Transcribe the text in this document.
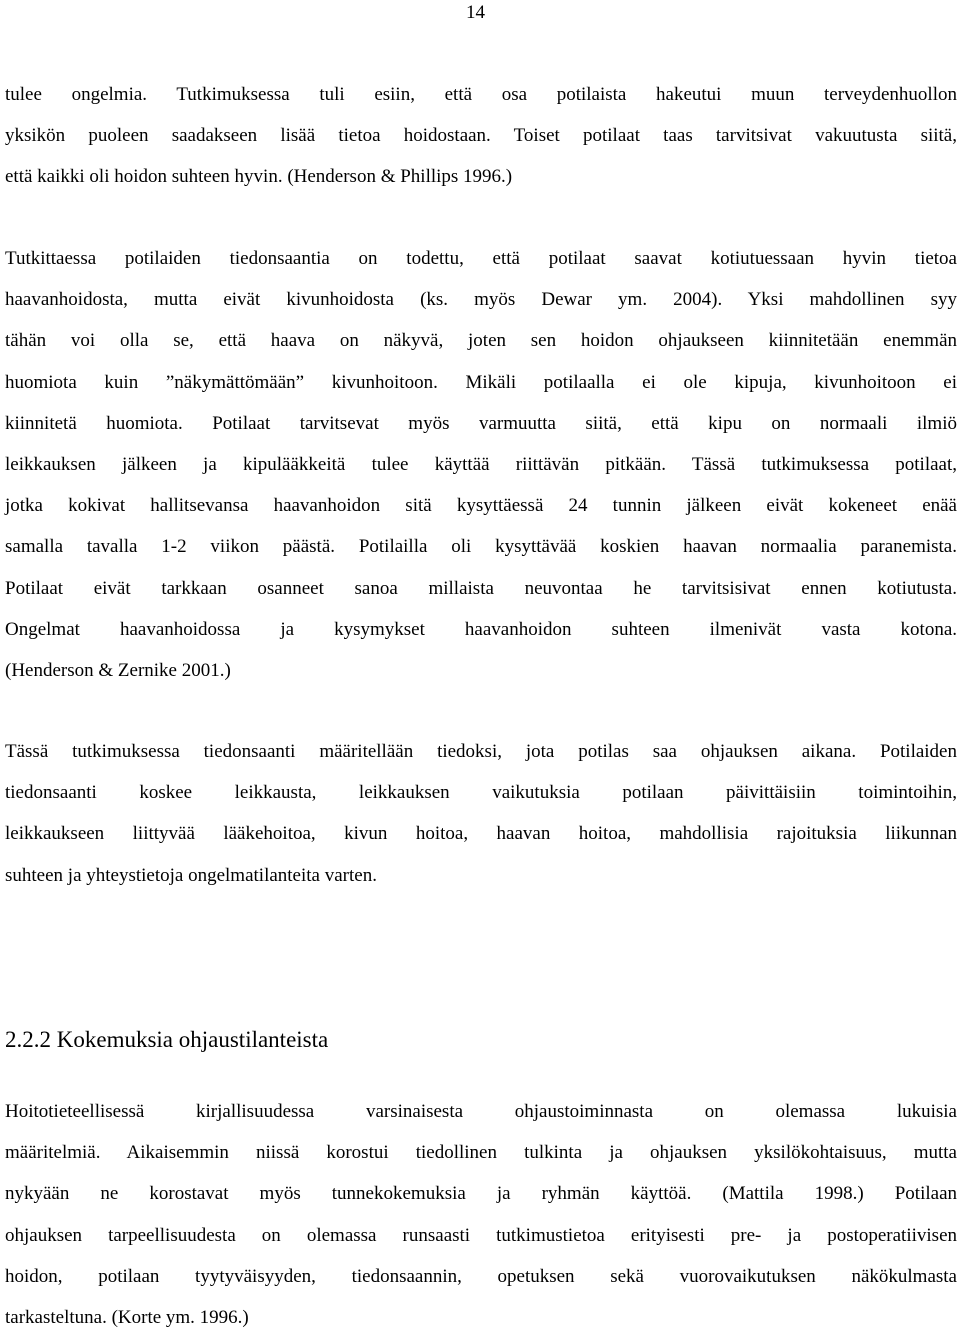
14
tulee ongelmia. Tutkimuksessa tuli esiin, että osa potilaista hakeutui muun terveydenhuollon
yksikön puoleen saadakseen lisää tietoa hoidostaan. Toiset potilaat taas tarvitsivat vakuutusta siitä,
että kaikki oli hoidon suhteen hyvin. (Henderson & Phillips 1996.)
Tutkittaessa potilaiden tiedonsaantia on todettu, että potilaat saavat kotiutuessaan hyvin tietoa
haavanhoidosta, mutta eivät kivunhoidosta (ks. myös Dewar ym. 2004). Yksi mahdollinen syy
tähän voi olla se, että haava on näkyvä, joten sen hoidon ohjaukseen kiinnitetään enemmän
huomiota kuin ”näkymättömään” kivunhoitoon. Mikäli potilaalla ei ole kipuja, kivunhoitoon ei
kiinnitetä huomiota. Potilaat tarvitsevat myös varmuutta siitä, että kipu on normaali ilmiö
leikkauksen jälkeen ja kipulääkkeitä tulee käyttää riittävän pitkään. Tässä tutkimuksessa potilaat,
jotka kokivat hallitsevansa haavanhoidon sitä kysyttäessä 24 tunnin jälkeen eivät kokeneet enää
samalla tavalla 1-2 viikon päästä. Potilailla oli kysyttävää koskien haavan normaalia paranemista.
Potilaat eivät tarkkaan osanneet sanoa millaista neuvontaa he tarvitsisivat ennen kotiutusta.
Ongelmat haavanhoidossa ja kysymykset haavanhoidon suhteen ilmenivät vasta kotona.
(Henderson & Zernike 2001.)
Tässä tutkimuksessa tiedonsaanti määritellään tiedoksi, jota potilas saa ohjauksen aikana. Potilaiden
tiedonsaanti koskee leikkausta, leikkauksen vaikutuksia potilaan päivittäisiin toimintoihin,
leikkaukseen liittyvää lääkehoitoa, kivun hoitoa, haavan hoitoa, mahdollisia rajoituksia liikunnan
suhteen ja yhteystietoja ongelmatilanteita varten.
2.2.2 Kokemuksia ohjaustilanteista
Hoitotieteellisessä kirjallisuudessa varsinaisesta ohjaustoiminnasta on olemassa lukuisia
määritelmiä. Aikaisemmin niissä korostui tiedollinen tulkinta ja ohjauksen yksilökohtaisuus, mutta
nykyään ne korostavat myös tunnekokemuksia ja ryhmän käyttöä. (Mattila 1998.) Potilaan
ohjauksen tarpeellisuudesta on olemassa runsaasti tutkimustietoa erityisesti pre- ja postoperatiivisen
hoidon, potilaan tyytyväisyyden, tiedonsaannin, opetuksen sekä vuorovaikutuksen näkökulmasta
tarkasteltuna. (Korte ym. 1996.)
